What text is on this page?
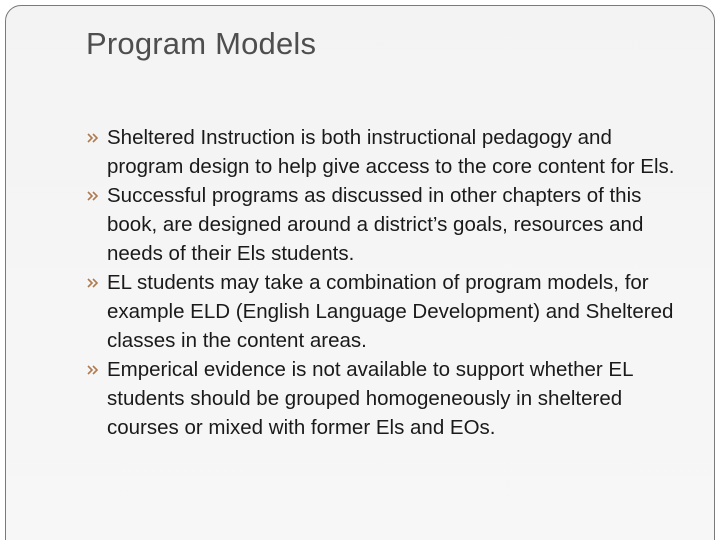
Program Models
Sheltered Instruction is both instructional pedagogy and program design to help give access to the core content for Els.
Successful programs as discussed in other chapters of this book, are designed around a district’s goals, resources and needs of their Els students.
EL students may take a combination of program models, for example ELD (English Language Development) and Sheltered classes in the content areas.
Emperical evidence is not available to support whether EL students should be grouped homogeneously in sheltered courses or mixed with former Els and EOs.
